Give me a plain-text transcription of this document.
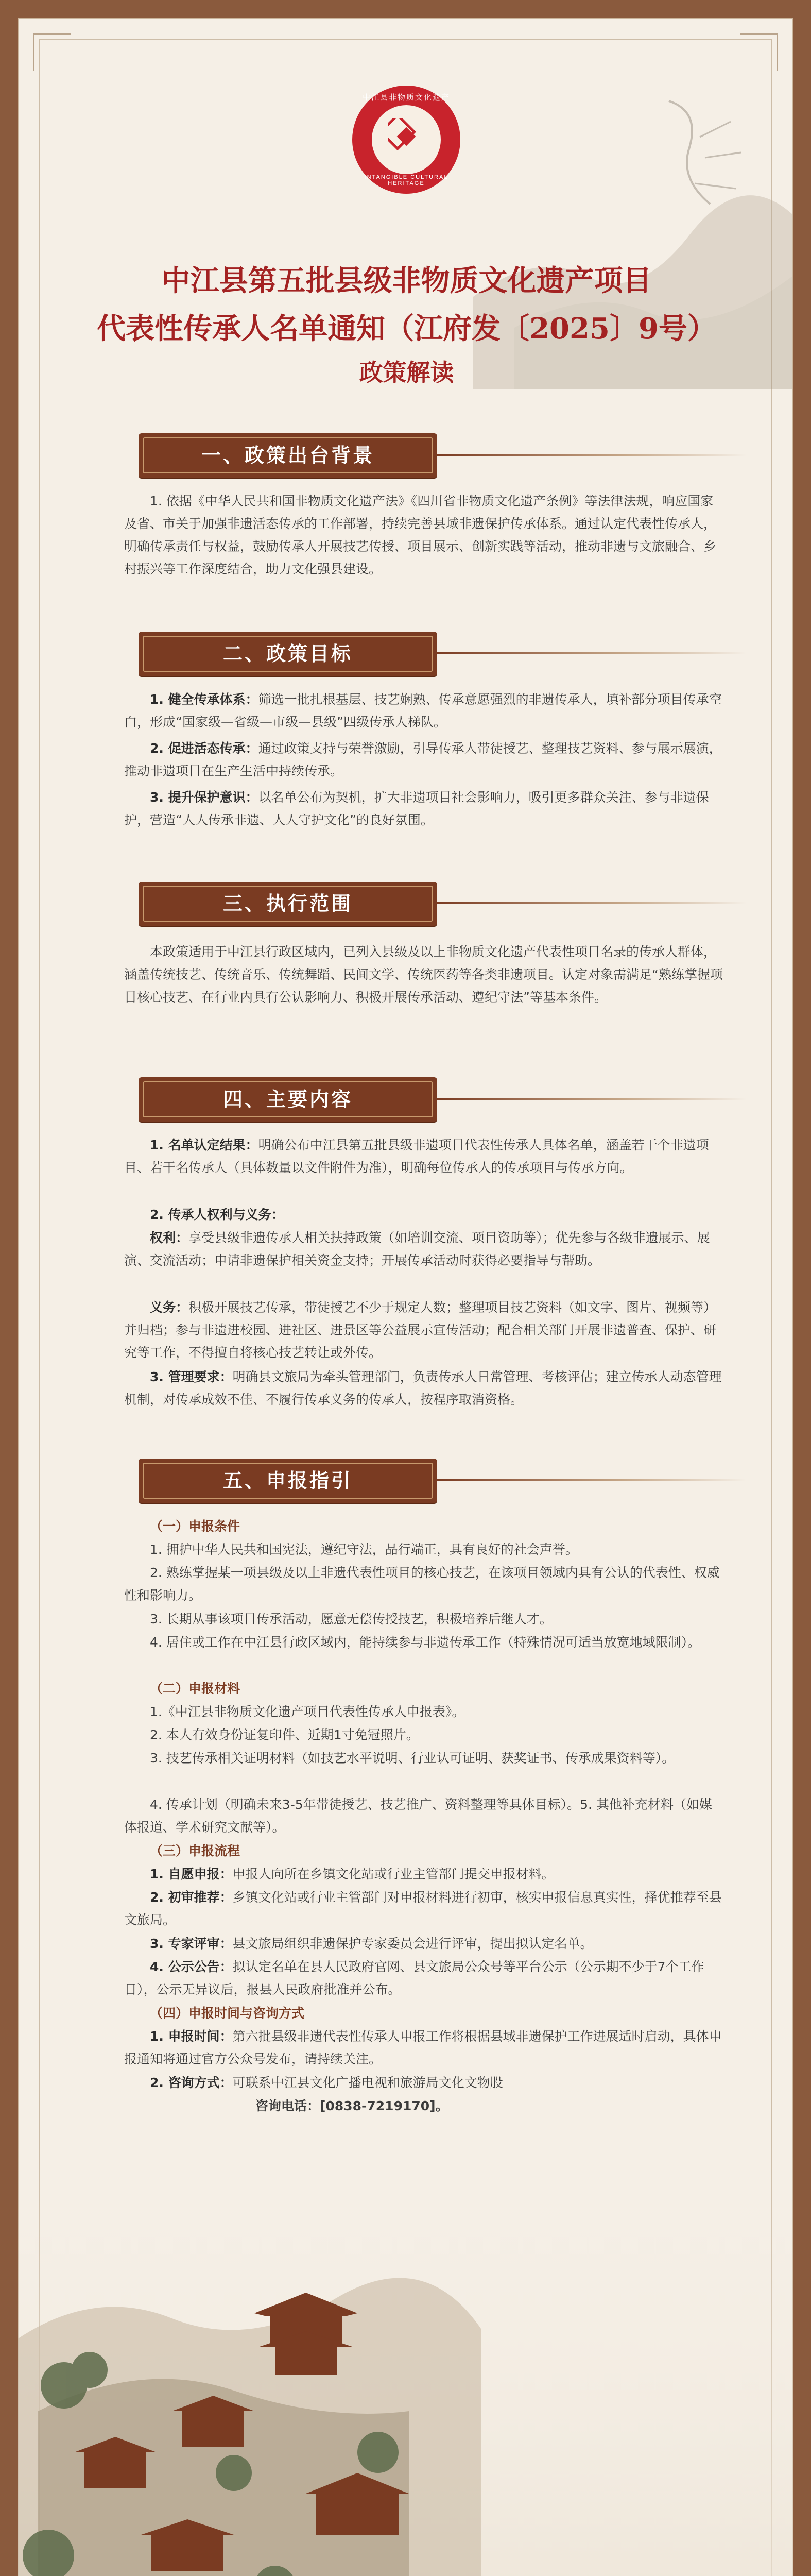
中江县非物质文化遗产
INTANGIBLE CULTURAL HERITAGE
中江县第五批县级非物质文化遗产项目
代表性传承人名单通知（江府发〔2025〕9号）
政策解读
一、政策出台背景
1. 依据《中华人民共和国非物质文化遗产法》《四川省非物质文化遗产条例》等法律法规，响应国家及省、市关于加强非遗活态传承的工作部署，持续完善县域非遗保护传承体系。通过认定代表性传承人，明确传承责任与权益，鼓励传承人开展技艺传授、项目展示、创新实践等活动，推动非遗与文旅融合、乡村振兴等工作深度结合，助力文化强县建设。
二、政策目标
1. 健全传承体系：筛选一批扎根基层、技艺娴熟、传承意愿强烈的非遗传承人，填补部分项目传承空白，形成“国家级—省级—市级—县级”四级传承人梯队。
2. 促进活态传承：通过政策支持与荣誉激励，引导传承人带徒授艺、整理技艺资料、参与展示展演，推动非遗项目在生产生活中持续传承。
3. 提升保护意识：以名单公布为契机，扩大非遗项目社会影响力，吸引更多群众关注、参与非遗保护，营造“人人传承非遗、人人守护文化”的良好氛围。
三、执行范围
本政策适用于中江县行政区域内，已列入县级及以上非物质文化遗产代表性项目名录的传承人群体，涵盖传统技艺、传统音乐、传统舞蹈、民间文学、传统医药等各类非遗项目。认定对象需满足“熟练掌握项目核心技艺、在行业内具有公认影响力、积极开展传承活动、遵纪守法”等基本条件。
四、主要内容
1. 名单认定结果：明确公布中江县第五批县级非遗项目代表性传承人具体名单，涵盖若干个非遗项目、若干名传承人（具体数量以文件附件为准），明确每位传承人的传承项目与传承方向。
2. 传承人权利与义务：
权利：享受县级非遗传承人相关扶持政策（如培训交流、项目资助等）；优先参与各级非遗展示、展演、交流活动；申请非遗保护相关资金支持；开展传承活动时获得必要指导与帮助。
义务：积极开展技艺传承，带徒授艺不少于规定人数；整理项目技艺资料（如文字、图片、视频等）并归档；参与非遗进校园、进社区、进景区等公益展示宣传活动；配合相关部门开展非遗普查、保护、研究等工作，不得擅自将核心技艺转让或外传。
3. 管理要求：明确县文旅局为牵头管理部门，负责传承人日常管理、考核评估；建立传承人动态管理机制，对传承成效不佳、不履行传承义务的传承人，按程序取消资格。
五、申报指引
（一）申报条件
1. 拥护中华人民共和国宪法，遵纪守法，品行端正，具有良好的社会声誉。
2. 熟练掌握某一项县级及以上非遗代表性项目的核心技艺，在该项目领域内具有公认的代表性、权威性和影响力。
3. 长期从事该项目传承活动，愿意无偿传授技艺，积极培养后继人才。
4. 居住或工作在中江县行政区域内，能持续参与非遗传承工作（特殊情况可适当放宽地域限制）。
（二）申报材料
1.《中江县非物质文化遗产项目代表性传承人申报表》。
2. 本人有效身份证复印件、近期1寸免冠照片。
3. 技艺传承相关证明材料（如技艺水平说明、行业认可证明、获奖证书、传承成果资料等）。
4. 传承计划（明确未来3-5年带徒授艺、技艺推广、资料整理等具体目标）。5. 其他补充材料（如媒体报道、学术研究文献等）。
（三）申报流程
1. 自愿申报：申报人向所在乡镇文化站或行业主管部门提交申报材料。
2. 初审推荐：乡镇文化站或行业主管部门对申报材料进行初审，核实申报信息真实性，择优推荐至县文旅局。
3. 专家评审：县文旅局组织非遗保护专家委员会进行评审，提出拟认定名单。
4. 公示公告：拟认定名单在县人民政府官网、县文旅局公众号等平台公示（公示期不少于7个工作日），公示无异议后，报县人民政府批准并公布。
（四）申报时间与咨询方式
1. 申报时间：第六批县级非遗代表性传承人申报工作将根据县域非遗保护工作进展适时启动，具体申报通知将通过官方公众号发布，请持续关注。
2. 咨询方式：可联系中江县文化广播电视和旅游局文化文物股
咨询电话：[0838-7219170]。
